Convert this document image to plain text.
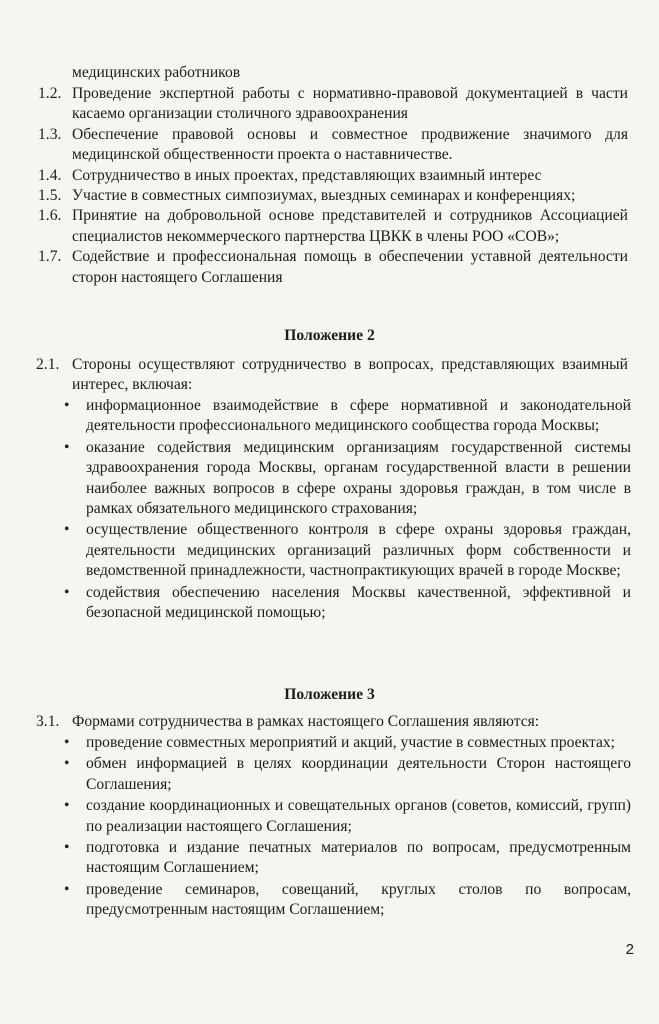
медицинских работников
1.2. Проведение экспертной работы с нормативно-правовой документацией в части касаемо организации столичного здравоохранения
1.3. Обеспечение правовой основы и совместное продвижение значимого для медицинской общественности проекта о наставничестве.
1.4. Сотрудничество в иных проектах, представляющих взаимный интерес
1.5. Участие в совместных симпозиумах, выездных семинарах и конференциях;
1.6. Принятие на добровольной основе представителей и сотрудников Ассоциацией специалистов некоммерческого партнерства ЦВКК в члены РОО «СОВ»;
1.7. Содействие и профессиональная помощь в обеспечении уставной деятельности сторон настоящего Соглашения
Положение 2
2.1. Стороны осуществляют сотрудничество в вопросах, представляющих взаимный интерес, включая:
• информационное взаимодействие в сфере нормативной и законодательной деятельности профессионального медицинского сообщества города Москвы;
• оказание содействия медицинским организациям государственной системы здравоохранения города Москвы, органам государственной власти в решении наиболее важных вопросов в сфере охраны здоровья граждан, в том числе в рамках обязательного медицинского страхования;
• осуществление общественного контроля в сфере охраны здоровья граждан, деятельности медицинских организаций различных форм собственности и ведомственной принадлежности, частнопрактикующих врачей в городе Москве;
• содействия обеспечению населения Москвы качественной, эффективной и безопасной медицинской помощью;
Положение 3
3.1. Формами сотрудничества в рамках настоящего Соглашения являются:
• проведение совместных мероприятий и акций, участие в совместных проектах;
• обмен информацией в целях координации деятельности Сторон настоящего Соглашения;
• создание координационных и совещательных органов (советов, комиссий, групп) по реализации настоящего Соглашения;
• подготовка и издание печатных материалов по вопросам, предусмотренным настоящим Соглашением;
• проведение семинаров, совещаний, круглых столов по вопросам, предусмотренным настоящим Соглашением;
2
